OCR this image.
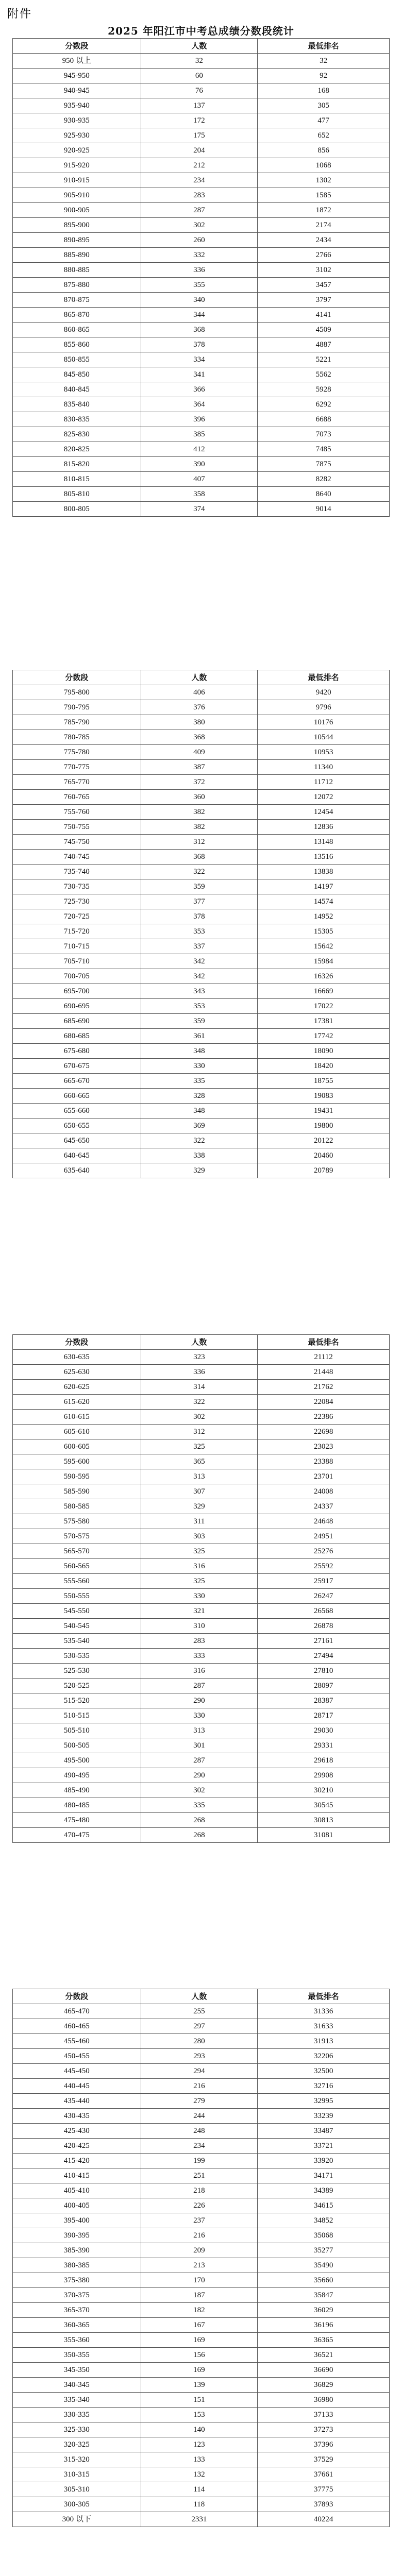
附件
2025 年阳江市中考总成绩分数段统计
分数段	人数	最低排名
950 以上	32	32
945-950	60	92
940-945	76	168
935-940	137	305
930-935	172	477
925-930	175	652
920-925	204	856
915-920	212	1068
910-915	234	1302
905-910	283	1585
900-905	287	1872
895-900	302	2174
890-895	260	2434
885-890	332	2766
880-885	336	3102
875-880	355	3457
870-875	340	3797
865-870	344	4141
860-865	368	4509
855-860	378	4887
850-855	334	5221
845-850	341	5562
840-845	366	5928
835-840	364	6292
830-835	396	6688
825-830	385	7073
820-825	412	7485
815-820	390	7875
810-815	407	8282
805-810	358	8640
800-805	374	9014
分数段	人数	最低排名
795-800	406	9420
790-795	376	9796
785-790	380	10176
780-785	368	10544
775-780	409	10953
770-775	387	11340
765-770	372	11712
760-765	360	12072
755-760	382	12454
750-755	382	12836
745-750	312	13148
740-745	368	13516
735-740	322	13838
730-735	359	14197
725-730	377	14574
720-725	378	14952
715-720	353	15305
710-715	337	15642
705-710	342	15984
700-705	342	16326
695-700	343	16669
690-695	353	17022
685-690	359	17381
680-685	361	17742
675-680	348	18090
670-675	330	18420
665-670	335	18755
660-665	328	19083
655-660	348	19431
650-655	369	19800
645-650	322	20122
640-645	338	20460
635-640	329	20789
分数段	人数	最低排名
630-635	323	21112
625-630	336	21448
620-625	314	21762
615-620	322	22084
610-615	302	22386
605-610	312	22698
600-605	325	23023
595-600	365	23388
590-595	313	23701
585-590	307	24008
580-585	329	24337
575-580	311	24648
570-575	303	24951
565-570	325	25276
560-565	316	25592
555-560	325	25917
550-555	330	26247
545-550	321	26568
540-545	310	26878
535-540	283	27161
530-535	333	27494
525-530	316	27810
520-525	287	28097
515-520	290	28387
510-515	330	28717
505-510	313	29030
500-505	301	29331
495-500	287	29618
490-495	290	29908
485-490	302	30210
480-485	335	30545
475-480	268	30813
470-475	268	31081
分数段	人数	最低排名
465-470	255	31336
460-465	297	31633
455-460	280	31913
450-455	293	32206
445-450	294	32500
440-445	216	32716
435-440	279	32995
430-435	244	33239
425-430	248	33487
420-425	234	33721
415-420	199	33920
410-415	251	34171
405-410	218	34389
400-405	226	34615
395-400	237	34852
390-395	216	35068
385-390	209	35277
380-385	213	35490
375-380	170	35660
370-375	187	35847
365-370	182	36029
360-365	167	36196
355-360	169	36365
350-355	156	36521
345-350	169	36690
340-345	139	36829
335-340	151	36980
330-335	153	37133
325-330	140	37273
320-325	123	37396
315-320	133	37529
310-315	132	37661
305-310	114	37775
300-305	118	37893
300 以下	2331	40224
